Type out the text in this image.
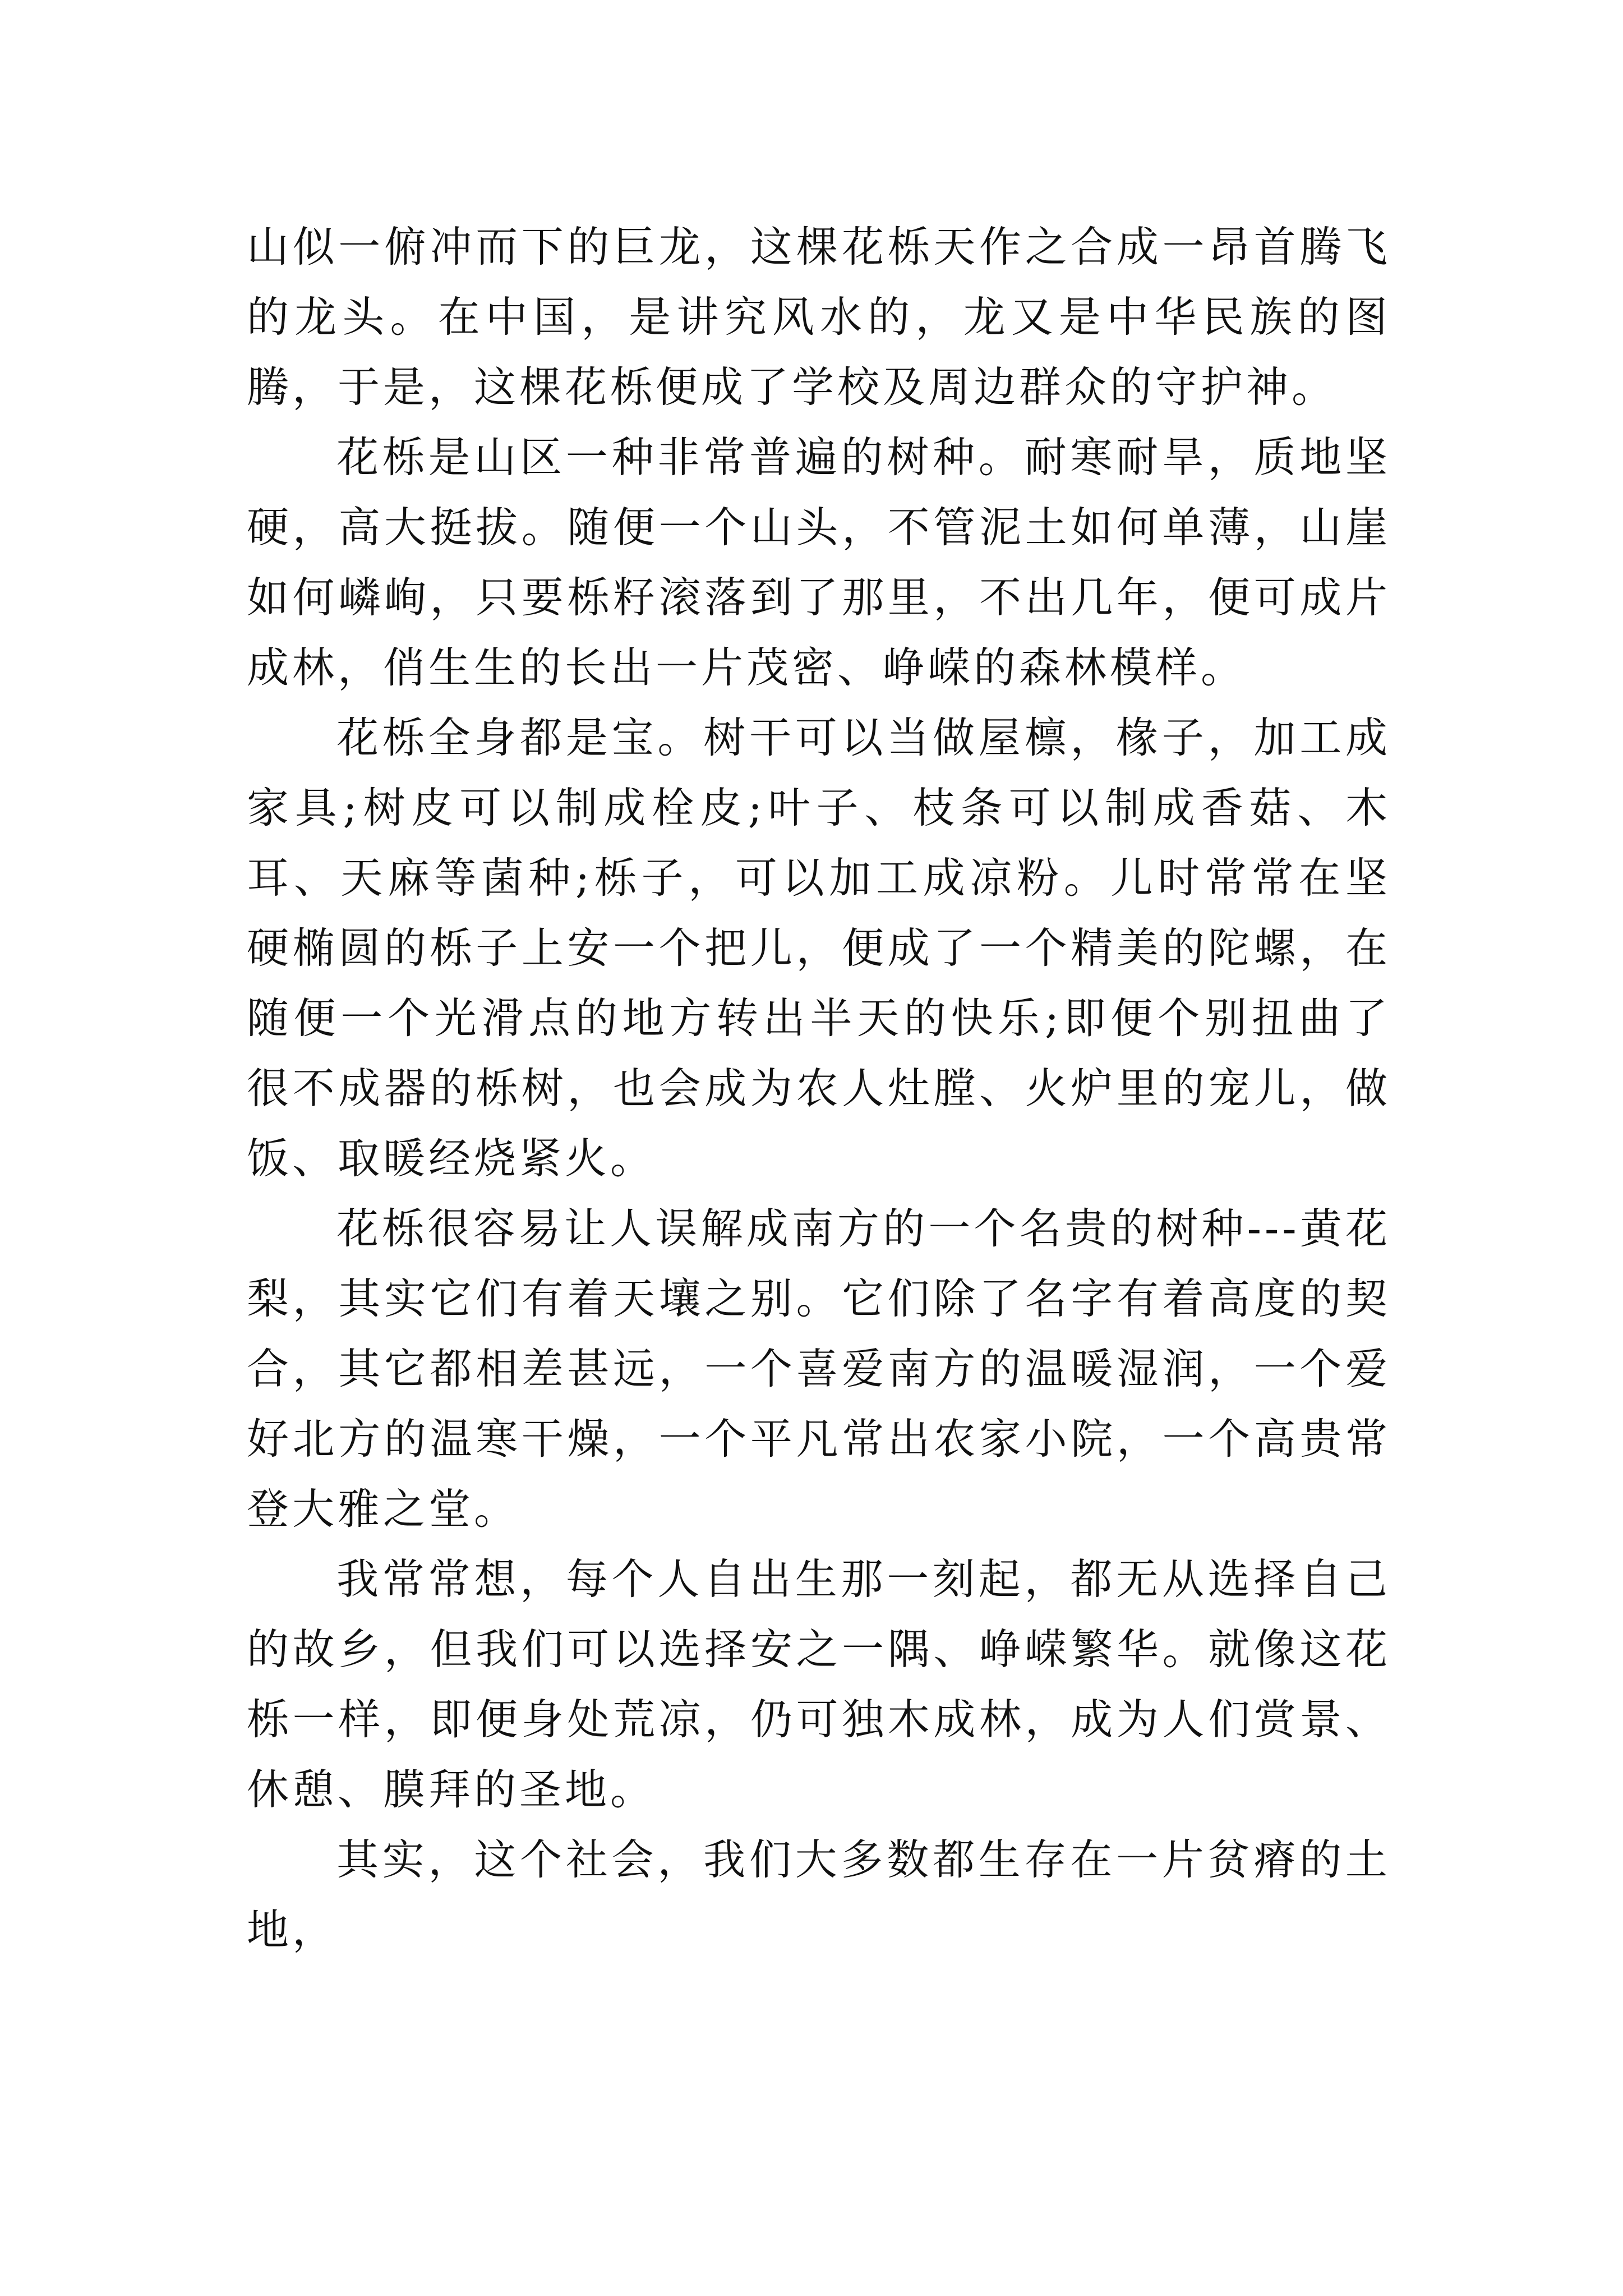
山似一俯冲而下的巨龙，这棵花栎天作之合成一昂首腾飞的龙头。在中国，是讲究风水的，龙又是中华民族的图腾，于是，这棵花栎便成了学校及周边群众的守护神。

花栎是山区一种非常普遍的树种。耐寒耐旱，质地坚硬，高大挺拔。随便一个山头，不管泥土如何单薄，山崖如何嶙峋，只要栎籽滚落到了那里，不出几年，便可成片成林，俏生生的长出一片茂密、峥嵘的森林模样。

花栎全身都是宝。树干可以当做屋檩，椽子，加工成家具;树皮可以制成栓皮;叶子、枝条可以制成香菇、木耳、天麻等菌种;栎子，可以加工成凉粉。儿时常常在坚硬椭圆的栎子上安一个把儿，便成了一个精美的陀螺，在随便一个光滑点的地方转出半天的快乐;即便个别扭曲了很不成器的栎树，也会成为农人灶膛、火炉里的宠儿，做饭、取暖经烧紧火。

花栎很容易让人误解成南方的一个名贵的树种---黄花梨，其实它们有着天壤之别。它们除了名字有着高度的契合，其它都相差甚远，一个喜爱南方的温暖湿润，一个爱好北方的温寒干燥，一个平凡常出农家小院，一个高贵常登大雅之堂。

我常常想，每个人自出生那一刻起，都无从选择自己的故乡，但我们可以选择安之一隅、峥嵘繁华。就像这花栎一样，即便身处荒凉，仍可独木成林，成为人们赏景、休憩、膜拜的圣地。

其实，这个社会，我们大多数都生存在一片贫瘠的土地，
